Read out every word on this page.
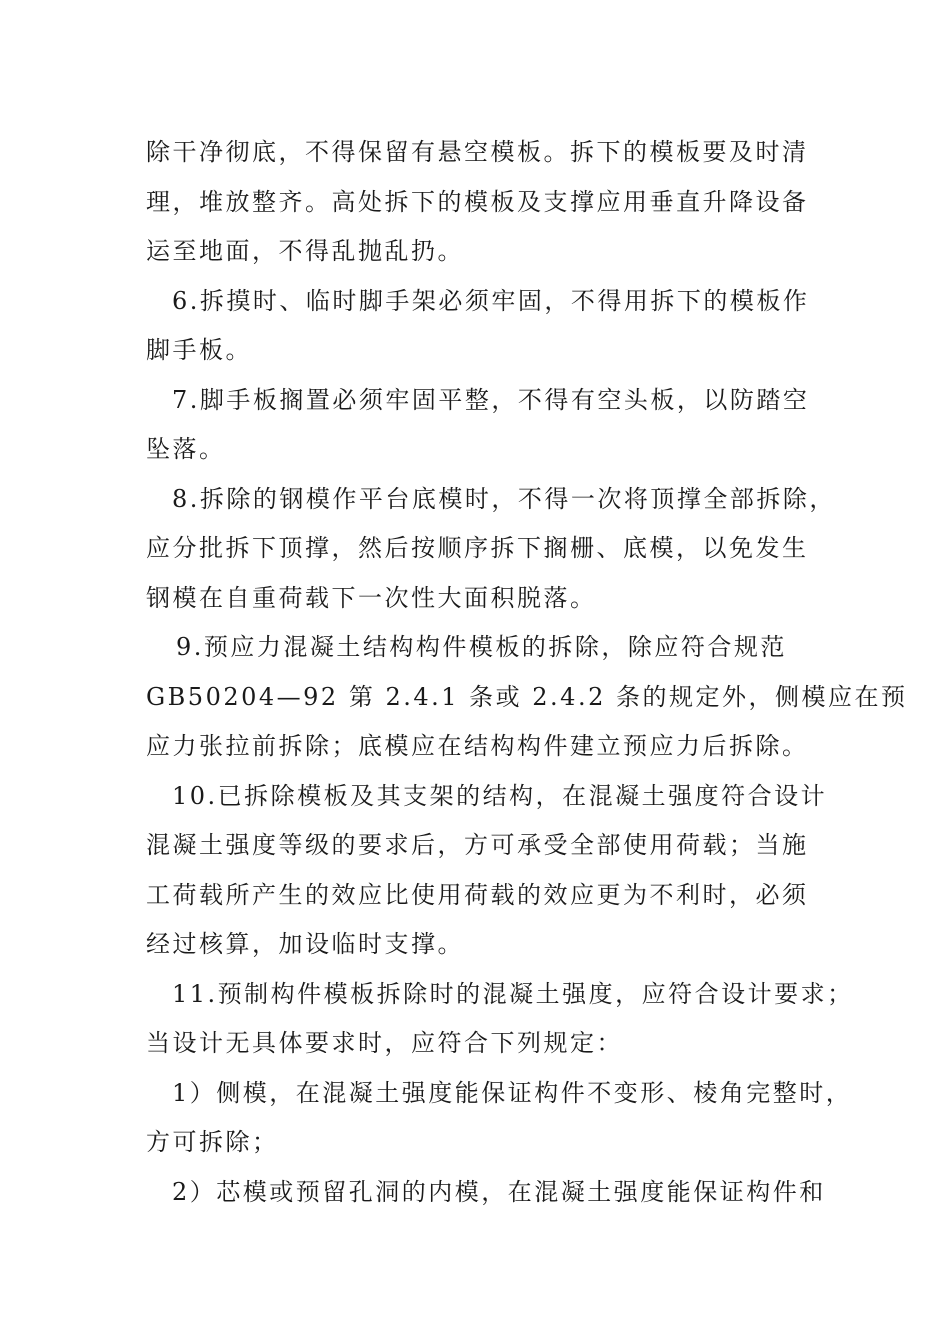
除干净彻底，不得保留有悬空模板。拆下的模板要及时清
理，堆放整齐。高处拆下的模板及支撑应用垂直升降设备
运至地面，不得乱抛乱扔。
6.拆摸时、临时脚手架必须牢固，不得用拆下的模板作
脚手板。
7.脚手板搁置必须牢固平整，不得有空头板，以防踏空
坠落。
8.拆除的钢模作平台底模时，不得一次将顶撑全部拆除，
应分批拆下顶撑，然后按顺序拆下搁栅、底模，以免发生
钢模在自重荷载下一次性大面积脱落。
9.预应力混凝土结构构件模板的拆除，除应符合规范
GB50204—92 第 2.4.1 条或 2.4.2 条的规定外，侧模应在预
应力张拉前拆除；底模应在结构构件建立预应力后拆除。
10.已拆除模板及其支架的结构，在混凝土强度符合设计
混凝土强度等级的要求后，方可承受全部使用荷载；当施
工荷载所产生的效应比使用荷载的效应更为不利时，必须
经过核算，加设临时支撑。
11.预制构件模板拆除时的混凝土强度，应符合设计要求；
当设计无具体要求时，应符合下列规定：
1）侧模，在混凝土强度能保证构件不变形、棱角完整时，
方可拆除；
2）芯模或预留孔洞的内模，在混凝土强度能保证构件和
